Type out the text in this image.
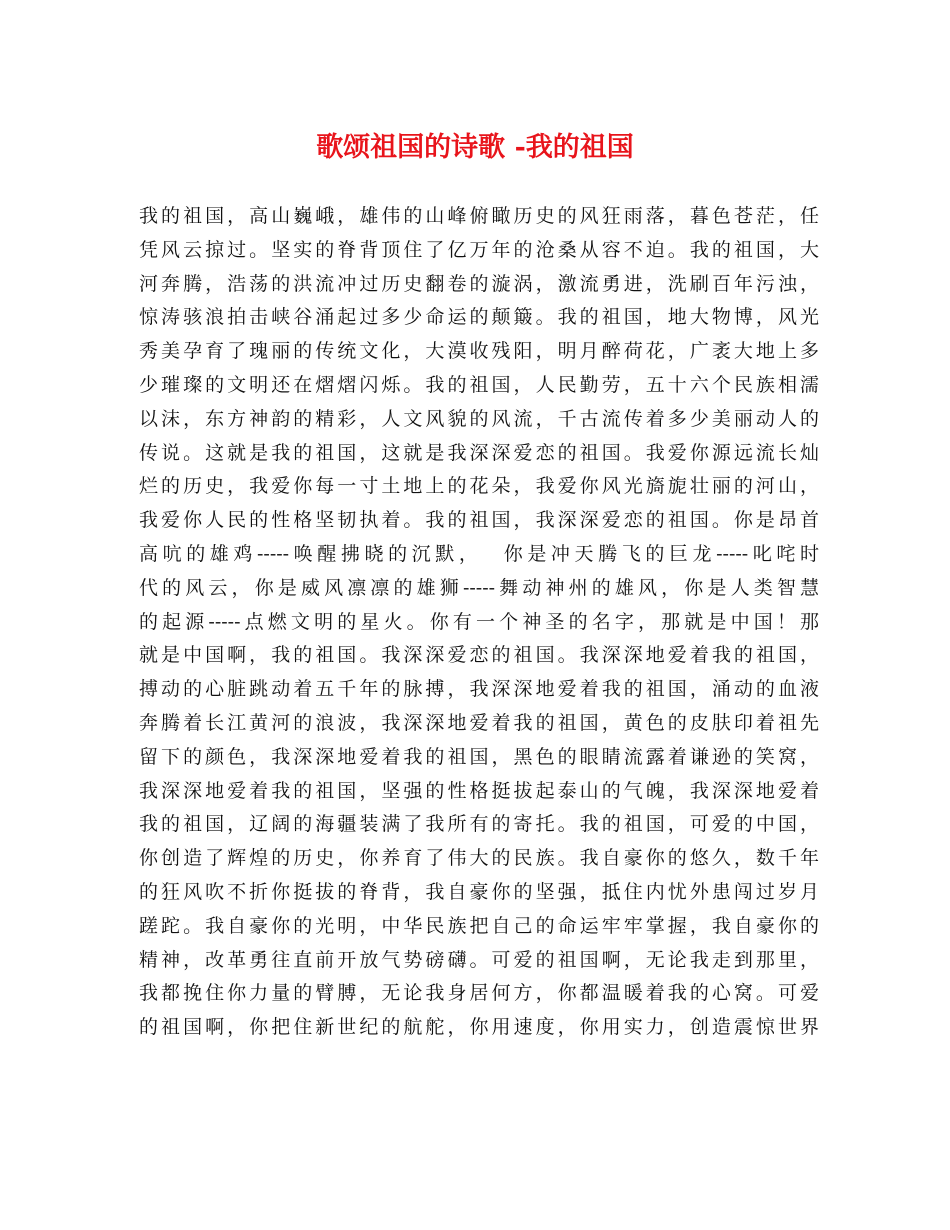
歌颂祖国的诗歌 -我的祖国
我的祖国，高山巍峨，雄伟的山峰俯瞰历史的风狂雨落，暮色苍茫，任
凭风云掠过。坚实的脊背顶住了亿万年的沧桑从容不迫。我的祖国，大
河奔腾，浩荡的洪流冲过历史翻卷的漩涡，激流勇进，洗刷百年污浊，
惊涛骇浪拍击峡谷涌起过多少命运的颠簸。我的祖国，地大物博，风光
秀美孕育了瑰丽的传统文化，大漠收残阳，明月醉荷花，广袤大地上多
少璀璨的文明还在熠熠闪烁。我的祖国，人民勤劳，五十六个民族相濡
以沫，东方神韵的精彩，人文风貌的风流，千古流传着多少美丽动人的
传说。这就是我的祖国，这就是我深深爱恋的祖国。我爱你源远流长灿
烂的历史，我爱你每一寸土地上的花朵，我爱你风光旖旎壮丽的河山，
我爱你人民的性格坚韧执着。我的祖国，我深深爱恋的祖国。你是昂首
高吭的雄鸡-----唤醒拂晓的沉默，  你是冲天腾飞的巨龙-----叱咤时
代的风云，你是威风凛凛的雄狮-----舞动神州的雄风，你是人类智慧
的起源-----点燃文明的星火。你有一个神圣的名字，那就是中国！那
就是中国啊，我的祖国。我深深爱恋的祖国。我深深地爱着我的祖国，
搏动的心脏跳动着五千年的脉搏，我深深地爱着我的祖国，涌动的血液
奔腾着长江黄河的浪波，我深深地爱着我的祖国，黄色的皮肤印着祖先
留下的颜色，我深深地爱着我的祖国，黑色的眼睛流露着谦逊的笑窝，
我深深地爱着我的祖国，坚强的性格挺拔起泰山的气魄，我深深地爱着
我的祖国，辽阔的海疆装满了我所有的寄托。我的祖国，可爱的中国，
你创造了辉煌的历史，你养育了伟大的民族。我自豪你的悠久，数千年
的狂风吹不折你挺拔的脊背，我自豪你的坚强，抵住内忧外患闯过岁月
蹉跎。我自豪你的光明，中华民族把自己的命运牢牢掌握，我自豪你的
精神，改革勇往直前开放气势磅礴。可爱的祖国啊，无论我走到那里，
我都挽住你力量的臂膊，无论我身居何方，你都温暖着我的心窝。可爱
的祖国啊，你把住新世纪的航舵，你用速度，你用实力，创造震惊世界
